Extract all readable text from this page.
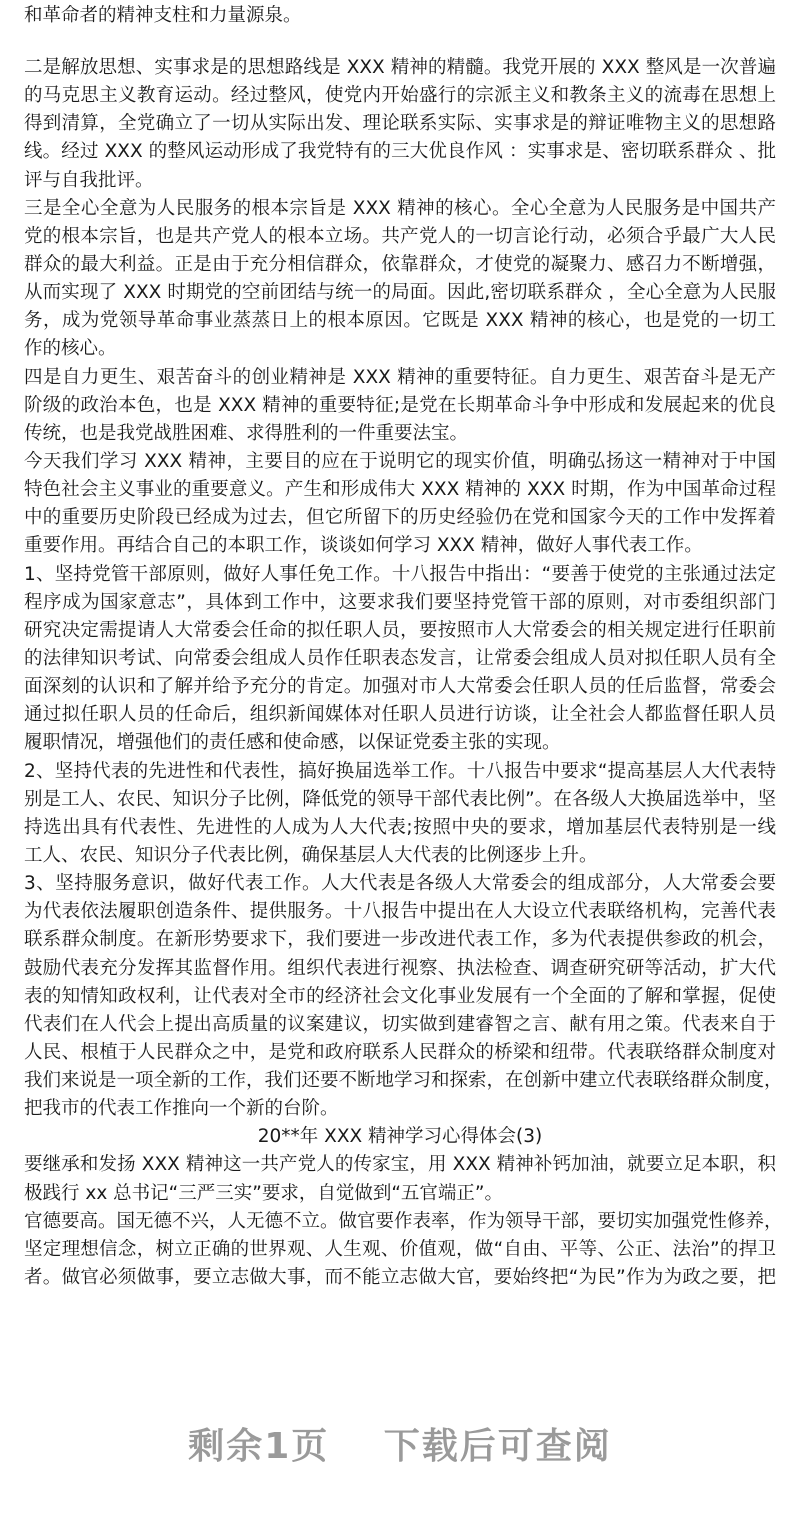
和革命者的精神支柱和力量源泉。
二是解放思想、实事求是的思想路线是 XXX 精神的精髓。我党开展的 XXX 整风是一次普遍
的马克思主义教育运动。经过整风，使党内开始盛行的宗派主义和教条主义的流毒在思想上
得到清算，全党确立了一切从实际出发、理论联系实际、实事求是的辩证唯物主义的思想路
线。经过 XXX 的整风运动形成了我党特有的三大优良作风 ：实事求是、密切联系群众 、批
评与自我批评。
三是全心全意为人民服务的根本宗旨是 XXX 精神的核心。全心全意为人民服务是中国共产
党的根本宗旨，也是共产党人的根本立场。共产党人的一切言论行动，必须合乎最广大人民
群众的最大利益。正是由于充分相信群众，依靠群众，才使党的凝聚力、感召力不断增强，
从而实现了 XXX 时期党的空前团结与统一的局面。因此,密切联系群众 ，全心全意为人民服
务，成为党领导革命事业蒸蒸日上的根本原因。它既是 XXX 精神的核心，也是党的一切工
作的核心。
四是自力更生、艰苦奋斗的创业精神是 XXX 精神的重要特征。自力更生、艰苦奋斗是无产
阶级的政治本色，也是 XXX 精神的重要特征;是党在长期革命斗争中形成和发展起来的优良
传统，也是我党战胜困难、求得胜利的一件重要法宝。
今天我们学习 XXX 精神，主要目的应在于说明它的现实价值，明确弘扬这一精神对于中国
特色社会主义事业的重要意义。产生和形成伟大 XXX 精神的 XXX 时期，作为中国革命过程
中的重要历史阶段已经成为过去，但它所留下的历史经验仍在党和国家今天的工作中发挥着
重要作用。再结合自己的本职工作，谈谈如何学习 XXX 精神，做好人事代表工作。
1、坚持党管干部原则，做好人事任免工作。十八报告中指出：“要善于使党的主张通过法定
程序成为国家意志”，具体到工作中，这要求我们要坚持党管干部的原则，对市委组织部门
研究决定需提请人大常委会任命的拟任职人员，要按照市人大常委会的相关规定进行任职前
的法律知识考试、向常委会组成人员作任职表态发言，让常委会组成人员对拟任职人员有全
面深刻的认识和了解并给予充分的肯定。加强对市人大常委会任职人员的任后监督，常委会
通过拟任职人员的任命后，组织新闻媒体对任职人员进行访谈，让全社会人都监督任职人员
履职情况，增强他们的责任感和使命感，以保证党委主张的实现。
2、坚持代表的先进性和代表性，搞好换届选举工作。十八报告中要求“提高基层人大代表特
别是工人、农民、知识分子比例，降低党的领导干部代表比例”。在各级人大换届选举中，坚
持选出具有代表性、先进性的人成为人大代表;按照中央的要求，增加基层代表特别是一线
工人、农民、知识分子代表比例，确保基层人大代表的比例逐步上升。
3、坚持服务意识，做好代表工作。人大代表是各级人大常委会的组成部分，人大常委会要
为代表依法履职创造条件、提供服务。十八报告中提出在人大设立代表联络机构，完善代表
联系群众制度。在新形势要求下，我们要进一步改进代表工作，多为代表提供参政的机会，
鼓励代表充分发挥其监督作用。组织代表进行视察、执法检查、调查研究研等活动，扩大代
表的知情知政权利，让代表对全市的经济社会文化事业发展有一个全面的了解和掌握，促使
代表们在人代会上提出高质量的议案建议，切实做到建睿智之言、献有用之策。代表来自于
人民、根植于人民群众之中，是党和政府联系人民群众的桥梁和纽带。代表联络群众制度对
我们来说是一项全新的工作，我们还要不断地学习和探索，在创新中建立代表联络群众制度，
把我市的代表工作推向一个新的台阶。
20**年 XXX 精神学习心得体会(3)
要继承和发扬 XXX 精神这一共产党人的传家宝，用 XXX 精神补钙加油，就要立足本职，积
极践行 xx 总书记“三严三实”要求，自觉做到“五官端正”。
官德要高。国无德不兴，人无德不立。做官要作表率，作为领导干部，要切实加强党性修养，
坚定理想信念，树立正确的世界观、人生观、价值观，做“自由、平等、公正、法治”的捍卫
者。做官必须做事，要立志做大事，而不能立志做大官，要始终把“为民”作为为政之要，把
剩余1页 下载后可查阅
